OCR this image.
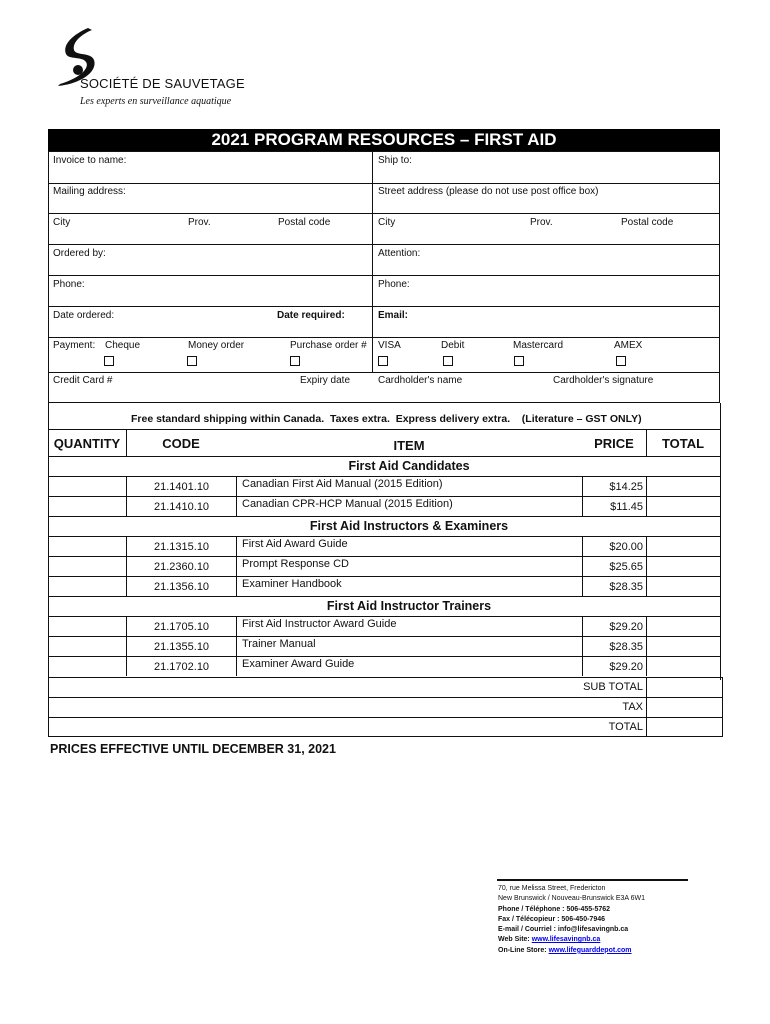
SOCIÉTÉ DE SAUVETAGE
Les experts en surveillance aquatique
2021 PROGRAM RESOURCES – FIRST AID
Invoice to name:	Ship to:
Mailing address:	Street address (please do not use post office box)
City	Prov.	Postal code	City	Prov.	Postal code
Ordered by:	Attention:
Phone:	Phone:
Date ordered:	Date required:	Email:
Payment: Cheque	Money order	Purchase order # VISA	Debit	Mastercard	AMEX
Credit Card #	Expiry date	Cardholder's name	Cardholder's signature
Free standard shipping within Canada.  Taxes extra.  Express delivery extra.    (Literature – GST ONLY)
QUANTITY	CODE	ITEM	PRICE	TOTAL
First Aid Candidates
21.1401.10	Canadian First Aid Manual (2015 Edition)	$14.25
21.1410.10	Canadian CPR-HCP Manual (2015 Edition)	$11.45
First Aid Instructors & Examiners
21.1315.10	First Aid Award Guide	$20.00
21.2360.10	Prompt Response CD	$25.65
21.1356.10	Examiner Handbook	$28.35
First Aid Instructor Trainers
21.1705.10	First Aid Instructor Award Guide	$29.20
21.1355.10	Trainer Manual	$28.35
21.1702.10	Examiner Award Guide	$29.20
SUB TOTAL
TAX
TOTAL
PRICES EFFECTIVE UNTIL DECEMBER 31, 2021
70, rue Melissa Street, Fredericton
New Brunswick / Nouveau-Brunswick E3A 6W1
Phone / Téléphone : 506-455-5762
Fax / Télécopieur : 506-450-7946
E-mail / Courriel : info@lifesavingnb.ca
Web Site: www.lifesavingnb.ca
On-Line Store: www.lifeguarddepot.com
